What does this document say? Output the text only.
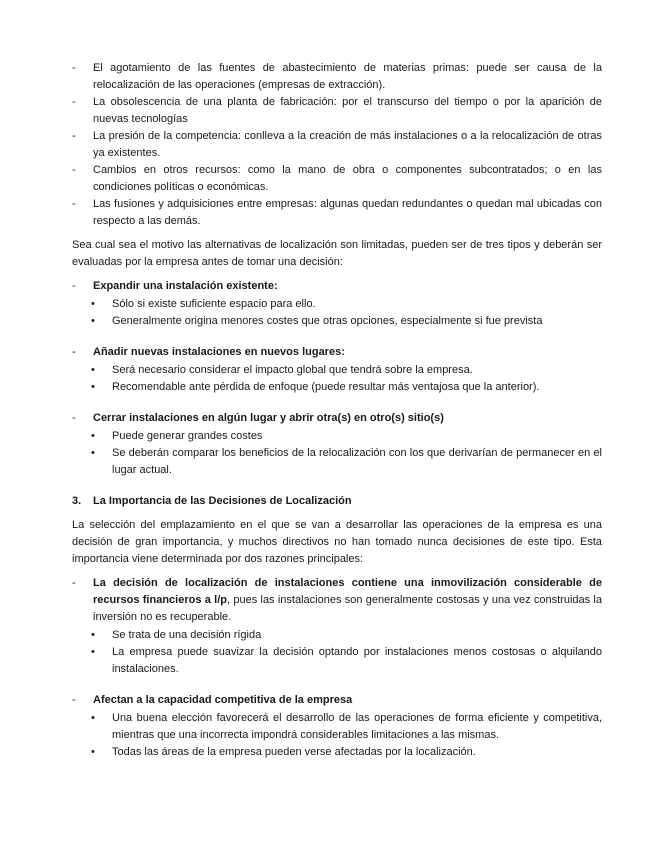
- El agotamiento de las fuentes de abastecimiento de materias primas: puede ser causa de la relocalización de las operaciones (empresas de extracción).
- La obsolescencia de una planta de fabricación: por el transcurso del tiempo o por la aparición de nuevas tecnologías
- La presión de la competencia: conlleva a la creación de más instalaciones o a la relocalización de otras ya existentes.
- Cambios en otros recursos: como la mano de obra o componentes subcontratados; o en las condiciones políticas o económicas.
- Las fusiones y adquisiciones entre empresas: algunas quedan redundantes o quedan mal ubicadas con respecto a las demás.

Sea cual sea el motivo las alternativas de localización son limitadas, pueden ser de tres tipos y deberán ser evaluadas por la empresa antes de tomar una decisión:

- Expandir una instalación existente:
• Sólo si existe suficiente espacio para ello.
• Generalmente origina menores costes que otras opciones, especialmente si fue prevista
- Añadir nuevas instalaciones en nuevos lugares:
• Será necesario considerar el impacto global que tendrá sobre la empresa.
• Recomendable ante pérdida de enfoque (puede resultar más ventajosa que la anterior).
- Cerrar instalaciones en algún lugar y abrir otra(s) en otro(s) sitio(s)
• Puede generar grandes costes
• Se deberán comparar los beneficios de la relocalización con los que derivarían de permanecer en el lugar actual.
3. La Importancia de las Decisiones de Localización

La selección del emplazamiento en el que se van a desarrollar las operaciones de la empresa es una decisión de gran importancia, y muchos directivos no han tomado nunca decisiones de este tipo. Esta importancia viene determinada por dos razones principales:

- La decisión de localización de instalaciones contiene una inmovilización considerable de recursos financieros a l/p, pues las instalaciones son generalmente costosas y una vez construidas la inversión no es recuperable.
• Se trata de una decisión rígida
• La empresa puede suavizar la decisión optando por instalaciones menos costosas o alquilando instalaciones.
- Afectan a la capacidad competitiva de la empresa
• Una buena elección favorecerá el desarrollo de las operaciones de forma eficiente y competitiva, mientras que una incorrecta impondrá considerables limitaciones a las mismas.
• Todas las áreas de la empresa pueden verse afectadas por la localización.
